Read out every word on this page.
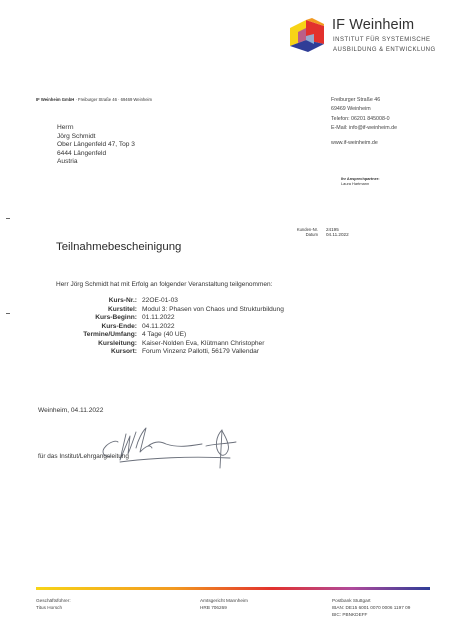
IF Weinheim
INSTITUT FÜR SYSTEMISCHE
AUSBILDUNG & ENTWICKLUNG
IF Weinheim GmbH · Freiburger Straße 46 · 69469 Weinheim	Freiburger Straße 46
69469 Weinheim
Telefon: 06201 845008-0
E-Mail: info@if-weinheim.de
www.if-weinheim.de
Herrn
Jörg Schmidt
Ober Längenfeld 47, Top 3
6444 Längenfeld
Austria
Ihr Ansprechpartner:
Laura Hartmann
Kunden-Nr.
Datum
24195
04.11.2022
Teilnahmebescheinigung
Herr Jörg Schmidt hat mit Erfolg an folgender Veranstaltung teilgenommen:
Kurs-Nr.: 22OE-01-03
Kurstitel: Modul 3: Phasen von Chaos und Strukturbildung
Kurs-Beginn: 01.11.2022
Kurs-Ende: 04.11.2022
Termine/Umfang: 4 Tage (40 UE)
Kursleitung: Kaiser-Nolden Eva, Klütmann Christopher
Kursort: Forum Vinzenz Pallotti, 56179 Vallendar
Weinheim, 04.11.2022
für das Institut/Lehrgangsleitung
Geschäftsführer:
Titus Horsch
Amtsgericht Mannheim
HRB 706269
Postbank Stuttgart
IBAN: DE15 6001 0070 0006 1197 09
BIC: PBNKDEFF
